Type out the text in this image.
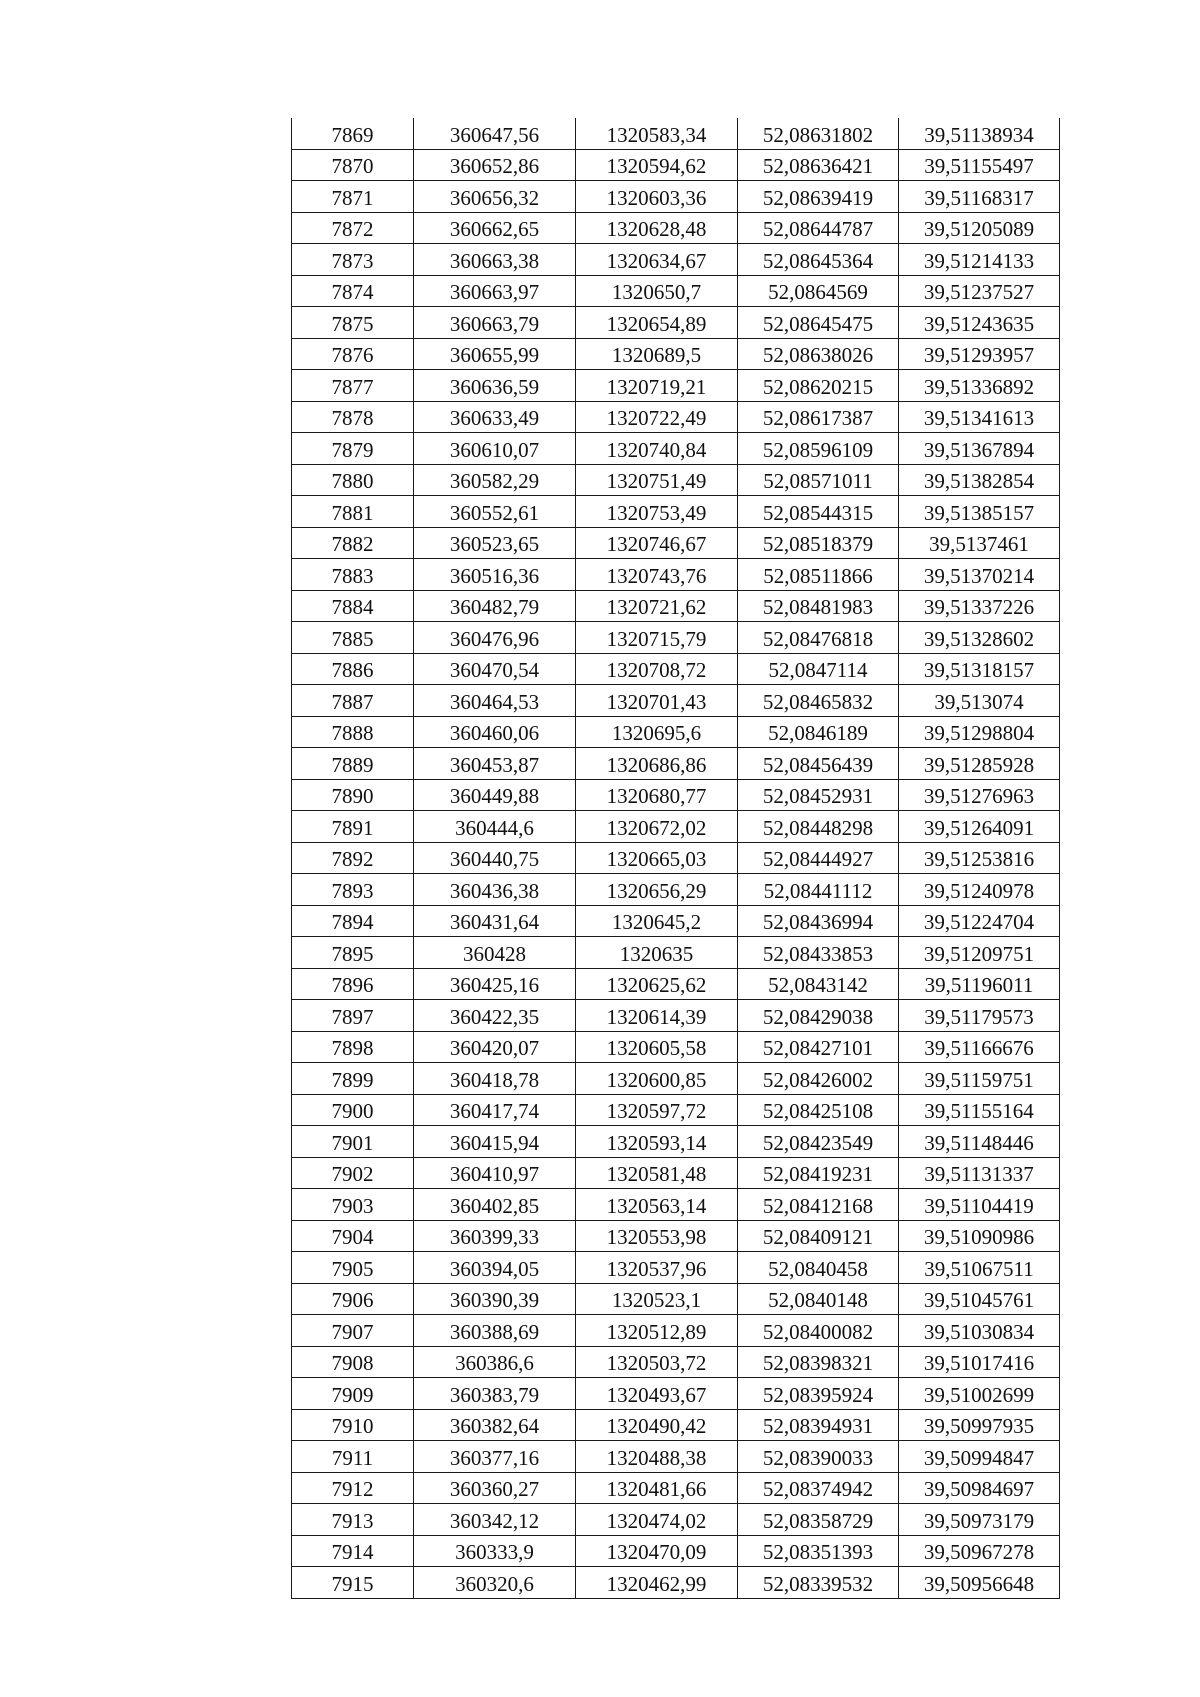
7869	360647,56	1320583,34	52,08631802	39,51138934
7870	360652,86	1320594,62	52,08636421	39,51155497
7871	360656,32	1320603,36	52,08639419	39,51168317
7872	360662,65	1320628,48	52,08644787	39,51205089
7873	360663,38	1320634,67	52,08645364	39,51214133
7874	360663,97	1320650,7	52,0864569	39,51237527
7875	360663,79	1320654,89	52,08645475	39,51243635
7876	360655,99	1320689,5	52,08638026	39,51293957
7877	360636,59	1320719,21	52,08620215	39,51336892
7878	360633,49	1320722,49	52,08617387	39,51341613
7879	360610,07	1320740,84	52,08596109	39,51367894
7880	360582,29	1320751,49	52,08571011	39,51382854
7881	360552,61	1320753,49	52,08544315	39,51385157
7882	360523,65	1320746,67	52,08518379	39,5137461
7883	360516,36	1320743,76	52,08511866	39,51370214
7884	360482,79	1320721,62	52,08481983	39,51337226
7885	360476,96	1320715,79	52,08476818	39,51328602
7886	360470,54	1320708,72	52,0847114	39,51318157
7887	360464,53	1320701,43	52,08465832	39,513074
7888	360460,06	1320695,6	52,0846189	39,51298804
7889	360453,87	1320686,86	52,08456439	39,51285928
7890	360449,88	1320680,77	52,08452931	39,51276963
7891	360444,6	1320672,02	52,08448298	39,51264091
7892	360440,75	1320665,03	52,08444927	39,51253816
7893	360436,38	1320656,29	52,08441112	39,51240978
7894	360431,64	1320645,2	52,08436994	39,51224704
7895	360428	1320635	52,08433853	39,51209751
7896	360425,16	1320625,62	52,0843142	39,51196011
7897	360422,35	1320614,39	52,08429038	39,51179573
7898	360420,07	1320605,58	52,08427101	39,51166676
7899	360418,78	1320600,85	52,08426002	39,51159751
7900	360417,74	1320597,72	52,08425108	39,51155164
7901	360415,94	1320593,14	52,08423549	39,51148446
7902	360410,97	1320581,48	52,08419231	39,51131337
7903	360402,85	1320563,14	52,08412168	39,51104419
7904	360399,33	1320553,98	52,08409121	39,51090986
7905	360394,05	1320537,96	52,0840458	39,51067511
7906	360390,39	1320523,1	52,0840148	39,51045761
7907	360388,69	1320512,89	52,08400082	39,51030834
7908	360386,6	1320503,72	52,08398321	39,51017416
7909	360383,79	1320493,67	52,08395924	39,51002699
7910	360382,64	1320490,42	52,08394931	39,50997935
7911	360377,16	1320488,38	52,08390033	39,50994847
7912	360360,27	1320481,66	52,08374942	39,50984697
7913	360342,12	1320474,02	52,08358729	39,50973179
7914	360333,9	1320470,09	52,08351393	39,50967278
7915	360320,6	1320462,99	52,08339532	39,50956648
